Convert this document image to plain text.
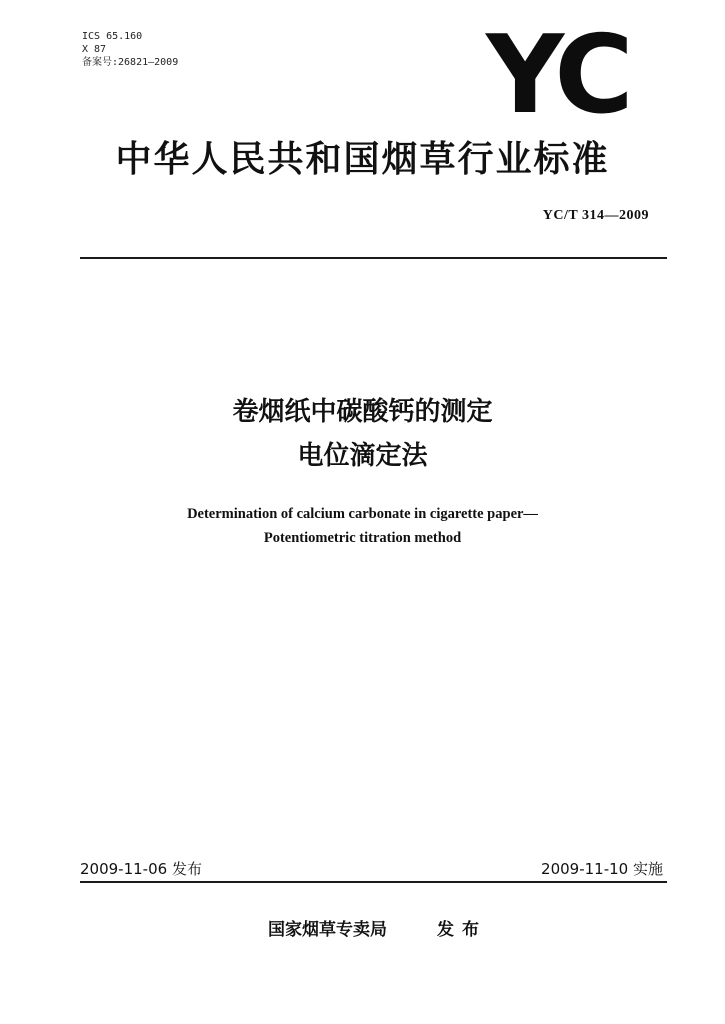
ICS 65.160
X 87
备案号:26821—2009	YC
中华人民共和国烟草行业标准
YC/T 314—2009
卷烟纸中碳酸钙的测定
电位滴定法
Determination of calcium carbonate in cigarette paper—
Potentiometric titration method
2009-11-06 发布	2009-11-10 实施
国家烟草专卖局	发布
